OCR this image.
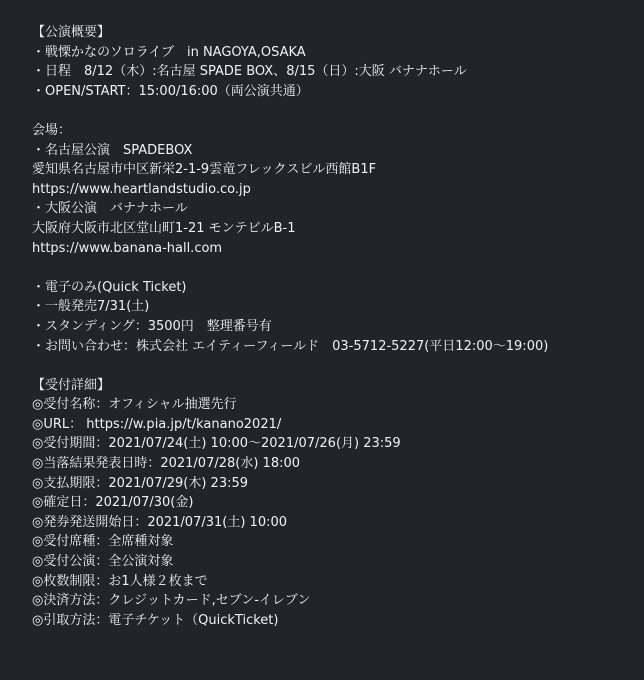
【公演概要】
・戦慄かなのソロライブ　in NAGOYA,OSAKA
・日程　8/12（木）:名古屋 SPADE BOX、8/15（日）:大阪 バナナホール
・OPEN/START：15:00/16:00（両公演共通）
会場：
・名古屋公演　SPADEBOX
愛知県名古屋市中区新栄2-1-9雲竜フレックスビル西館B1F
https://www.heartlandstudio.co.jp
・大阪公演　バナナホール
大阪府大阪市北区堂山町1-21 モンテビルB-1
https://www.banana-hall.com
・電子のみ(Quick Ticket)
・一般発売7/31(土)
・スタンディング：3500円　整理番号有
・お問い合わせ：株式会社 エイティーフィールド　03-5712-5227(平日12:00～19:00)
【受付詳細】
◎受付名称：オフィシャル抽選先行
◎URL： https://w.pia.jp/t/kanano2021/
◎受付期間：2021/07/24(土) 10:00～2021/07/26(月) 23:59
◎当落結果発表日時：2021/07/28(水) 18:00
◎支払期限：2021/07/29(木) 23:59
◎確定日：2021/07/30(金)
◎発券発送開始日：2021/07/31(土) 10:00
◎受付席種：全席種対象
◎受付公演：全公演対象
◎枚数制限：お1人様２枚まで
◎決済方法：クレジットカード,セブン-イレブン
◎引取方法：電子チケット（QuickTicket)
